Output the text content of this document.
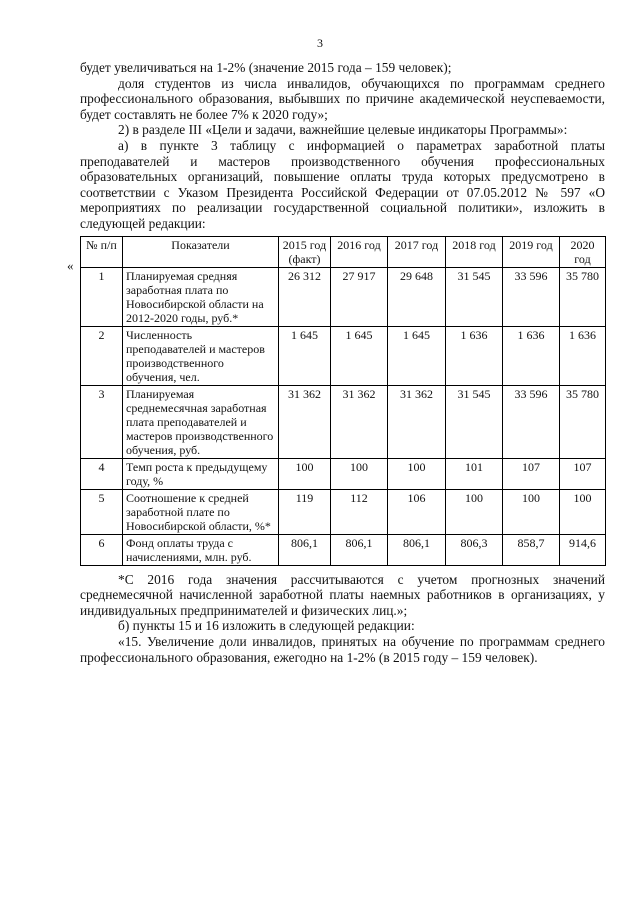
3

будет увеличиваться на 1-2% (значение 2015 года – 159 человек);

доля студентов из числа инвалидов, обучающихся по программам среднего профессионального образования, выбывших по причине академической неуспеваемости, будет составлять не более 7% к 2020 году»;

2) в разделе III «Цели и задачи, важнейшие целевые индикаторы Программы»:

а) в пункте 3 таблицу с информацией о параметрах заработной платы преподавателей и мастеров производственного обучения профессиональных образовательных организаций, повышение оплаты труда которых предусмотрено в соответствии с Указом Президента Российской Федерации от 07.05.2012 № 597 «О мероприятиях по реализации государственной социальной политики», изложить в следующей редакции:

«
№ п/п	Показатели	2015 год (факт)	2016 год	2017 год	2018 год	2019 год	2020 год
1	Планируемая средняя заработная плата по Новосибирской области на 2012-2020 годы, руб.*	26 312	27 917	29 648	31 545	33 596	35 780
2	Численность преподавателей и мастеров производственного обучения, чел.	1 645	1 645	1 645	1 636	1 636	1 636
3	Планируемая среднемесячная заработная плата преподавателей и мастеров производственного обучения, руб.	31 362	31 362	31 362	31 545	33 596	35 780
4	Темп роста к предыдущему году, %	100	100	100	101	107	107
5	Соотношение к средней заработной плате по Новосибирской области, %*	119	112	106	100	100	100
6	Фонд оплаты труда с начислениями, млн. руб.	806,1	806,1	806,1	806,3	858,7	914,6

*С 2016 года значения рассчитываются с учетом прогнозных значений среднемесячной начисленной заработной платы наемных работников в организациях, у индивидуальных предпринимателей и физических лиц.»;

б) пункты 15 и 16 изложить в следующей редакции:

«15. Увеличение доли инвалидов, принятых на обучение по программам среднего профессионального образования, ежегодно на 1-2% (в 2015 году – 159 человек).
